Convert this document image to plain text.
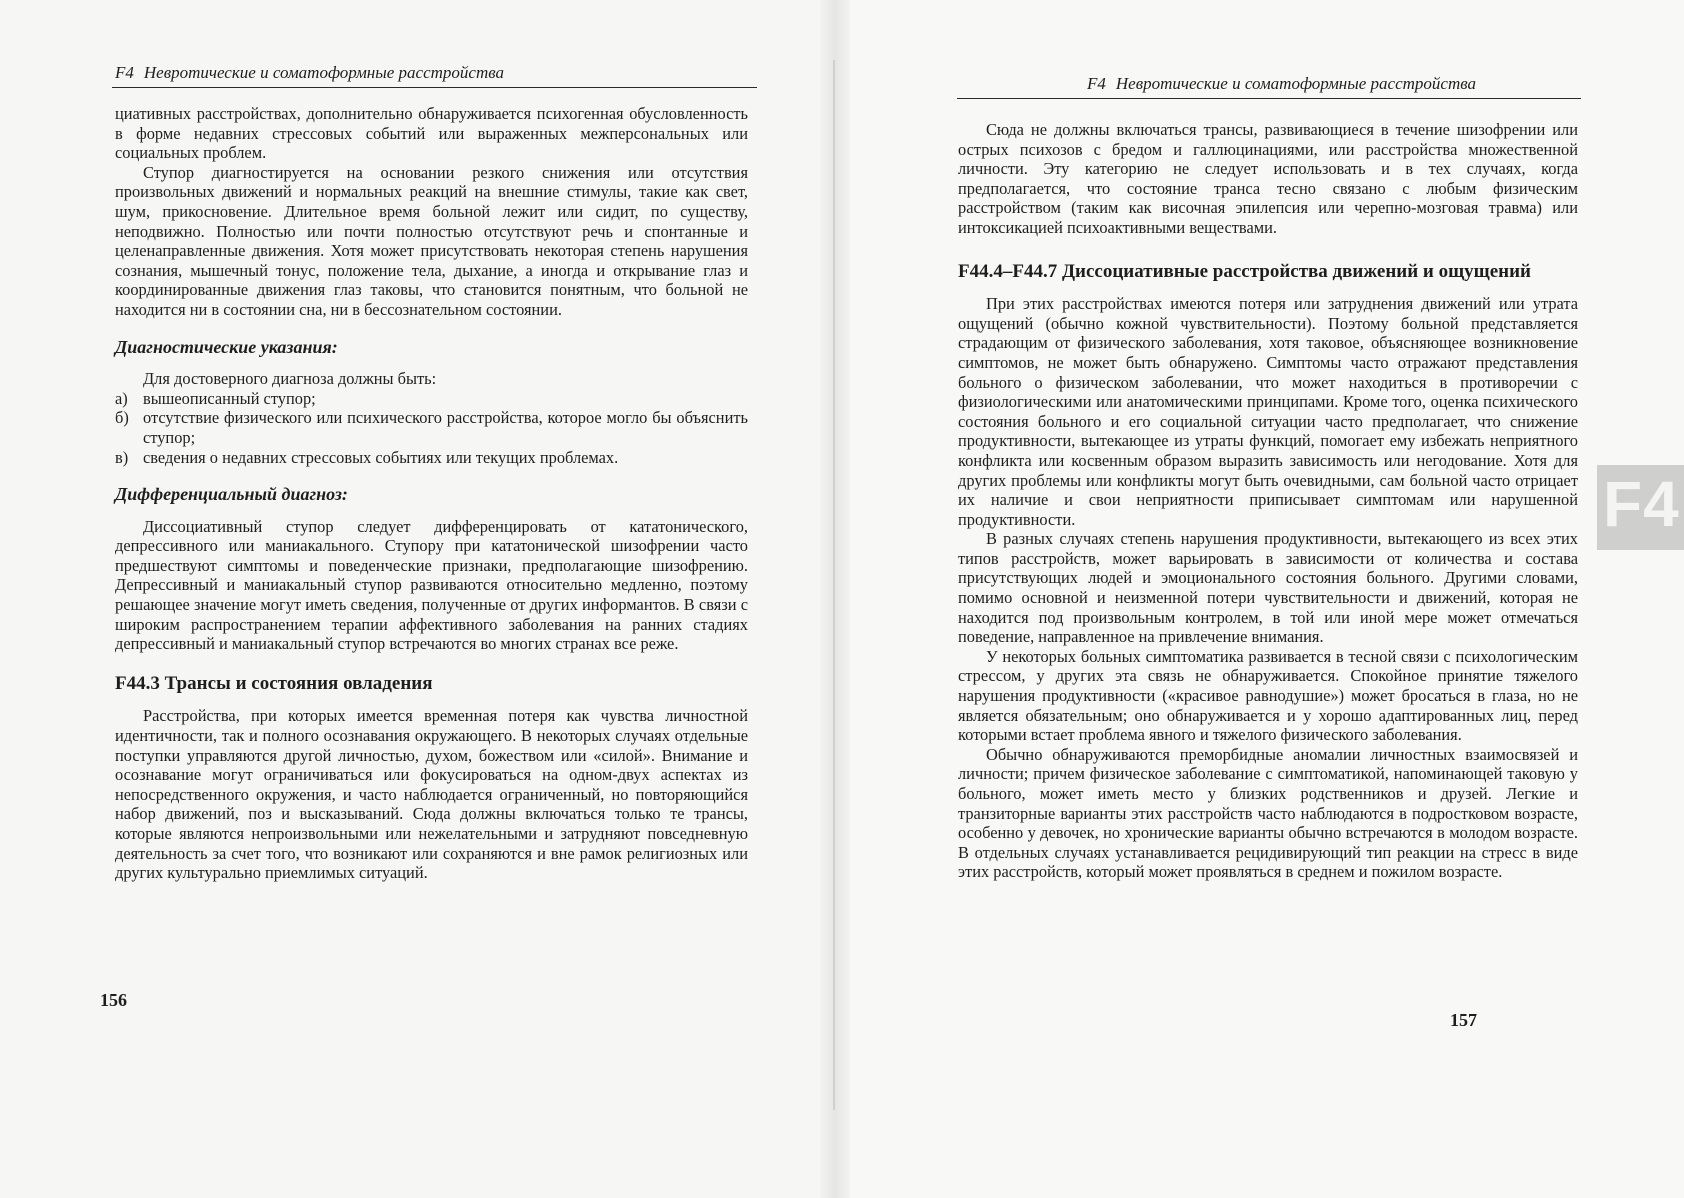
F4 Невротические и соматоформные расстройства

циативных расстройствах, дополнительно обнаруживается психогенная обусловленность в форме недавних стрессовых событий или выраженных межперсональных или социальных проблем.

Ступор диагностируется на основании резкого снижения или отсутствия произвольных движений и нормальных реакций на внешние стимулы, такие как свет, шум, прикосновение. Длительное время больной лежит или сидит, по существу, неподвижно. Полностью или почти полностью отсутствуют речь и спонтанные и целенаправленные движения. Хотя может присутствовать некоторая степень нарушения сознания, мышечный тонус, положение тела, дыхание, а иногда и открывание глаз и координированные движения глаз таковы, что становится понятным, что больной не находится ни в состоянии сна, ни в бессознательном состоянии.

Диагностические указания:

Для достоверного диагноза должны быть:

а) вышеописанный ступор;
б) отсутствие физического или психического расстройства, которое могло бы объяснить ступор;
в) сведения о недавних стрессовых событиях или текущих проблемах.
Дифференциальный диагноз:

Диссоциативный ступор следует дифференцировать от кататонического, депрессивного или маниакального. Ступору при кататонической шизофрении часто предшествуют симптомы и поведенческие признаки, предполагающие шизофрению. Депрессивный и маниакальный ступор развиваются относительно медленно, поэтому решающее значение могут иметь сведения, полученные от других информантов. В связи с широким распространением терапии аффективного заболевания на ранних стадиях депрессивный и маниакальный ступор встречаются во многих странах все реже.

F44.3 Трансы и состояния овладения

Расстройства, при которых имеется временная потеря как чувства личностной идентичности, так и полного осознавания окружающего. В некоторых случаях отдельные поступки управляются другой личностью, духом, божеством или «силой». Внимание и осознавание могут ограничиваться или фокусироваться на одном-двух аспектах из непосредственного окружения, и часто наблюдается ограниченный, но повторяющийся набор движений, поз и высказываний. Сюда должны включаться только те трансы, которые являются непроизвольными или нежелательными и затрудняют повседневную деятельность за счет того, что возникают или сохраняются и вне рамок религиозных или других культурально приемлимых ситуаций.

156
F4 Невротические и соматоформные расстройства
157

Сюда не должны включаться трансы, развивающиеся в течение шизофрении или острых психозов с бредом и галлюцинациями, или расстройства множественной личности. Эту категорию не следует использовать и в тех случаях, когда предполагается, что состояние транса тесно связано с любым физическим расстройством (таким как височная эпилепсия или черепно-мозговая травма) или интоксикацией психоактивными веществами.

F44.4–F44.7 Диссоциативные расстройства движений и ощущений

При этих расстройствах имеются потеря или затруднения движений или утрата ощущений (обычно кожной чувствительности). Поэтому больной представляется страдающим от физического заболевания, хотя таковое, объясняющее возникновение симптомов, не может быть обнаружено. Симптомы часто отражают представления больного о физическом заболевании, что может находиться в противоречии с физиологическими или анатомическими принципами. Кроме того, оценка психического состояния больного и его социальной ситуации часто предполагает, что снижение продуктивности, вытекающее из утраты функций, помогает ему избежать неприятного конфликта или косвенным образом выразить зависимость или негодование. Хотя для других проблемы или конфликты могут быть очевидными, сам больной часто отрицает их наличие и свои неприятности приписывает симптомам или нарушенной продуктивности.

В разных случаях степень нарушения продуктивности, вытекающего из всех этих типов расстройств, может варьировать в зависимости от количества и состава присутствующих людей и эмоционального состояния больного. Другими словами, помимо основной и неизменной потери чувствительности и движений, которая не находится под произвольным контролем, в той или иной мере может отмечаться поведение, направленное на привлечение внимания.

У некоторых больных симптоматика развивается в тесной связи с психологическим стрессом, у других эта связь не обнаруживается. Спокойное принятие тяжелого нарушения продуктивности («красивое равнодушие») может бросаться в глаза, но не является обязательным; оно обнаруживается и у хорошо адаптированных лиц, перед которыми встает проблема явного и тяжелого физического заболевания.

Обычно обнаруживаются преморбидные аномалии личностных взаимосвязей и личности; причем физическое заболевание с симптоматикой, напоминающей таковую у больного, может иметь место у близких родственников и друзей. Легкие и транзиторные варианты этих расстройств часто наблюдаются в подростковом возрасте, особенно у девочек, но хронические варианты обычно встречаются в молодом возрасте. В отдельных случаях устанавливается рецидивирующий тип реакции на стресс в виде этих расстройств, который может проявляться в среднем и пожилом возрасте.

F4
